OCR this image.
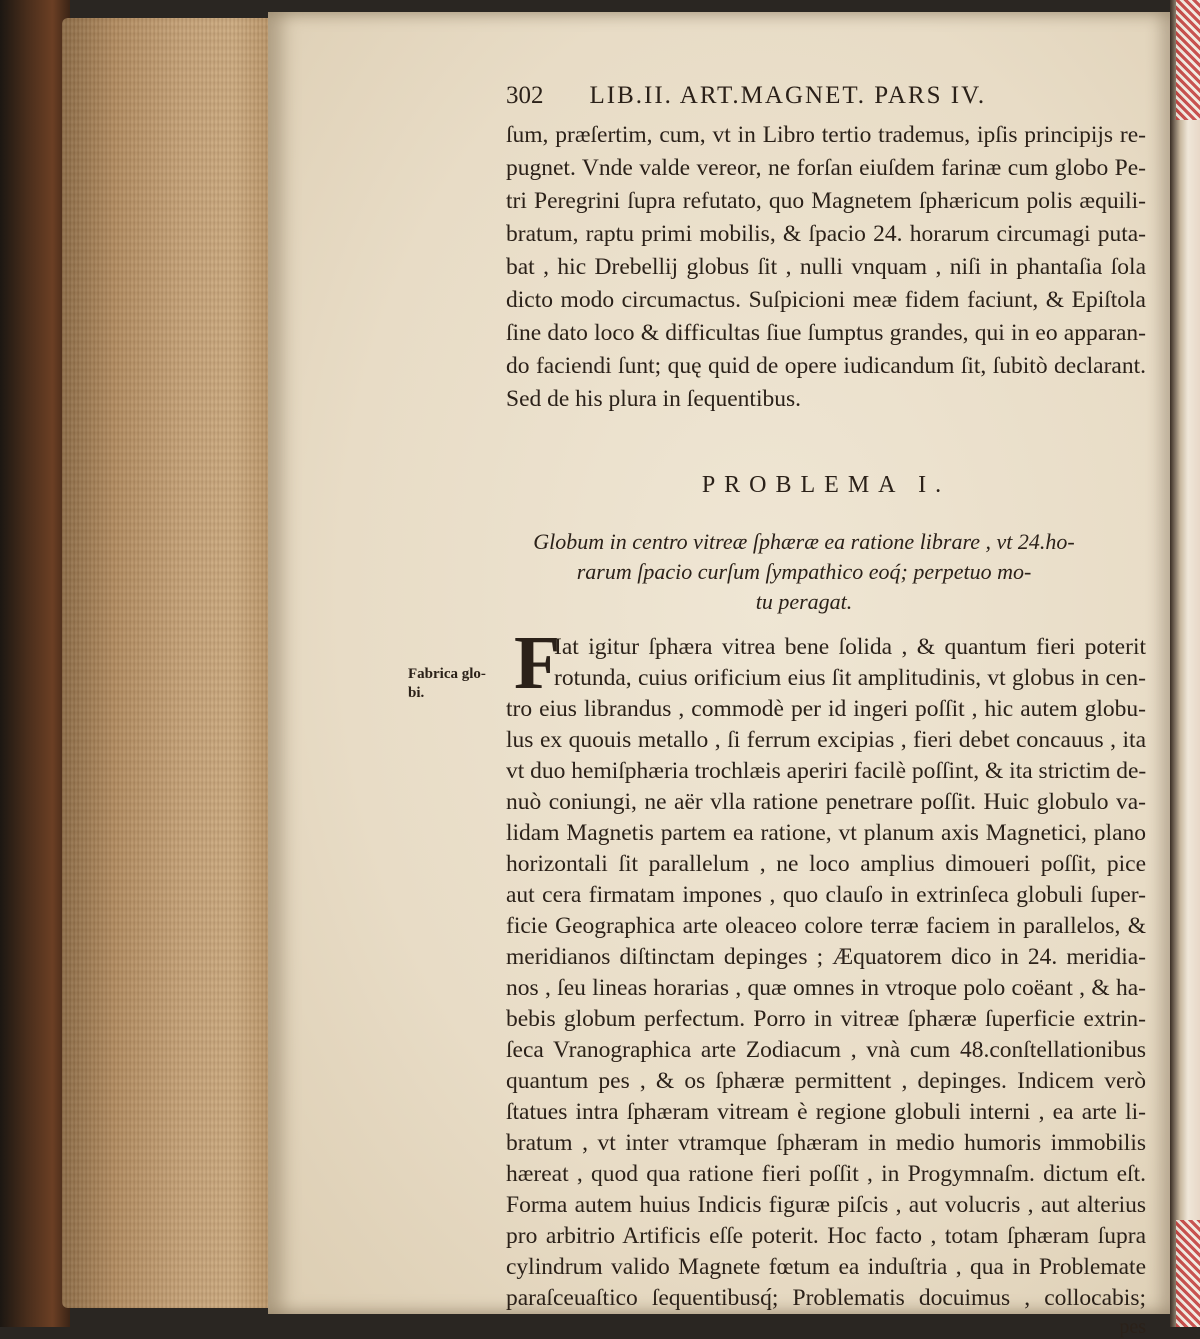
Fabrica glo-
bi.
302 LIB.II. ART.MAGNET. PARS IV.
ſum, præſertim, cum, vt in Libro tertio trademus, ipſis principijs re-
pugnet. Vnde valde vereor, ne forſan eiuſdem farinæ cum globo Pe-
tri Peregrini ſupra refutato, quo Magnetem ſphæricum polis æquili-
bratum, raptu primi mobilis, & ſpacio 24. horarum circumagi puta-
bat , hic Drebellij globus ſit , nulli vnquam , niſi in phantaſia ſola
dicto modo circumactus. Suſpicioni meæ fidem faciunt, & Epiſtola
ſine dato loco & difficultas ſiue ſumptus grandes, qui in eo apparan-
do faciendi ſunt; quę quid de opere iudicandum ſit, ſubitò declarant.
Sed de his plura in ſequentibus.
PROBLEMA I.
Globum in centro vitreæ ſphæræ ea ratione librare , vt 24.ho-
rarum ſpacio curſum ſympathico eoq́; perpetuo mo-
tu peragat.
F
Iat igitur ſphæra vitrea bene ſolida , & quantum fieri poterit
rotunda, cuius orificium eius ſit amplitudinis, vt globus in cen-
tro eius librandus , commodè per id ingeri poſſit , hic autem globu-
lus ex quouis metallo , ſi ferrum excipias , fieri debet concauus , ita
vt duo hemiſphæria trochlæis aperiri facilè poſſint, & ita strictim de-
nuò coniungi, ne aër vlla ratione penetrare poſſit. Huic globulo va-
lidam Magnetis partem ea ratione, vt planum axis Magnetici, plano
horizontali ſit parallelum , ne loco amplius dimoueri poſſit, pice
aut cera firmatam impones , quo clauſo in extrinſeca globuli ſuper-
ficie Geographica arte oleaceo colore terræ faciem in parallelos, &
meridianos diſtinctam depinges ; Æquatorem dico in 24. meridia-
nos , ſeu lineas horarias , quæ omnes in vtroque polo coëant , & ha-
bebis globum perfectum. Porro in vitreæ ſphæræ ſuperficie extrin-
ſeca Vranographica arte Zodiacum , vnà cum 48.conſtellationibus
quantum pes , & os ſphæræ permittent , depinges. Indicem verò
ſtatues intra ſphæram vitream è regione globuli interni , ea arte li-
bratum , vt inter vtramque ſphæram in medio humoris immobilis
hæreat , quod qua ratione fieri poſſit , in Progymnaſm. dictum eſt.
Forma autem huius Indicis figuræ piſcis , aut volucris , aut alterius
pro arbitrio Artificis eſſe poterit. Hoc facto , totam ſphæram ſupra
cylindrum valido Magnete fœtum ea induſtria , qua in Problemate
paraſceuaſtico ſequentibusq́; Problematis docuimus , collocabis;
pes
